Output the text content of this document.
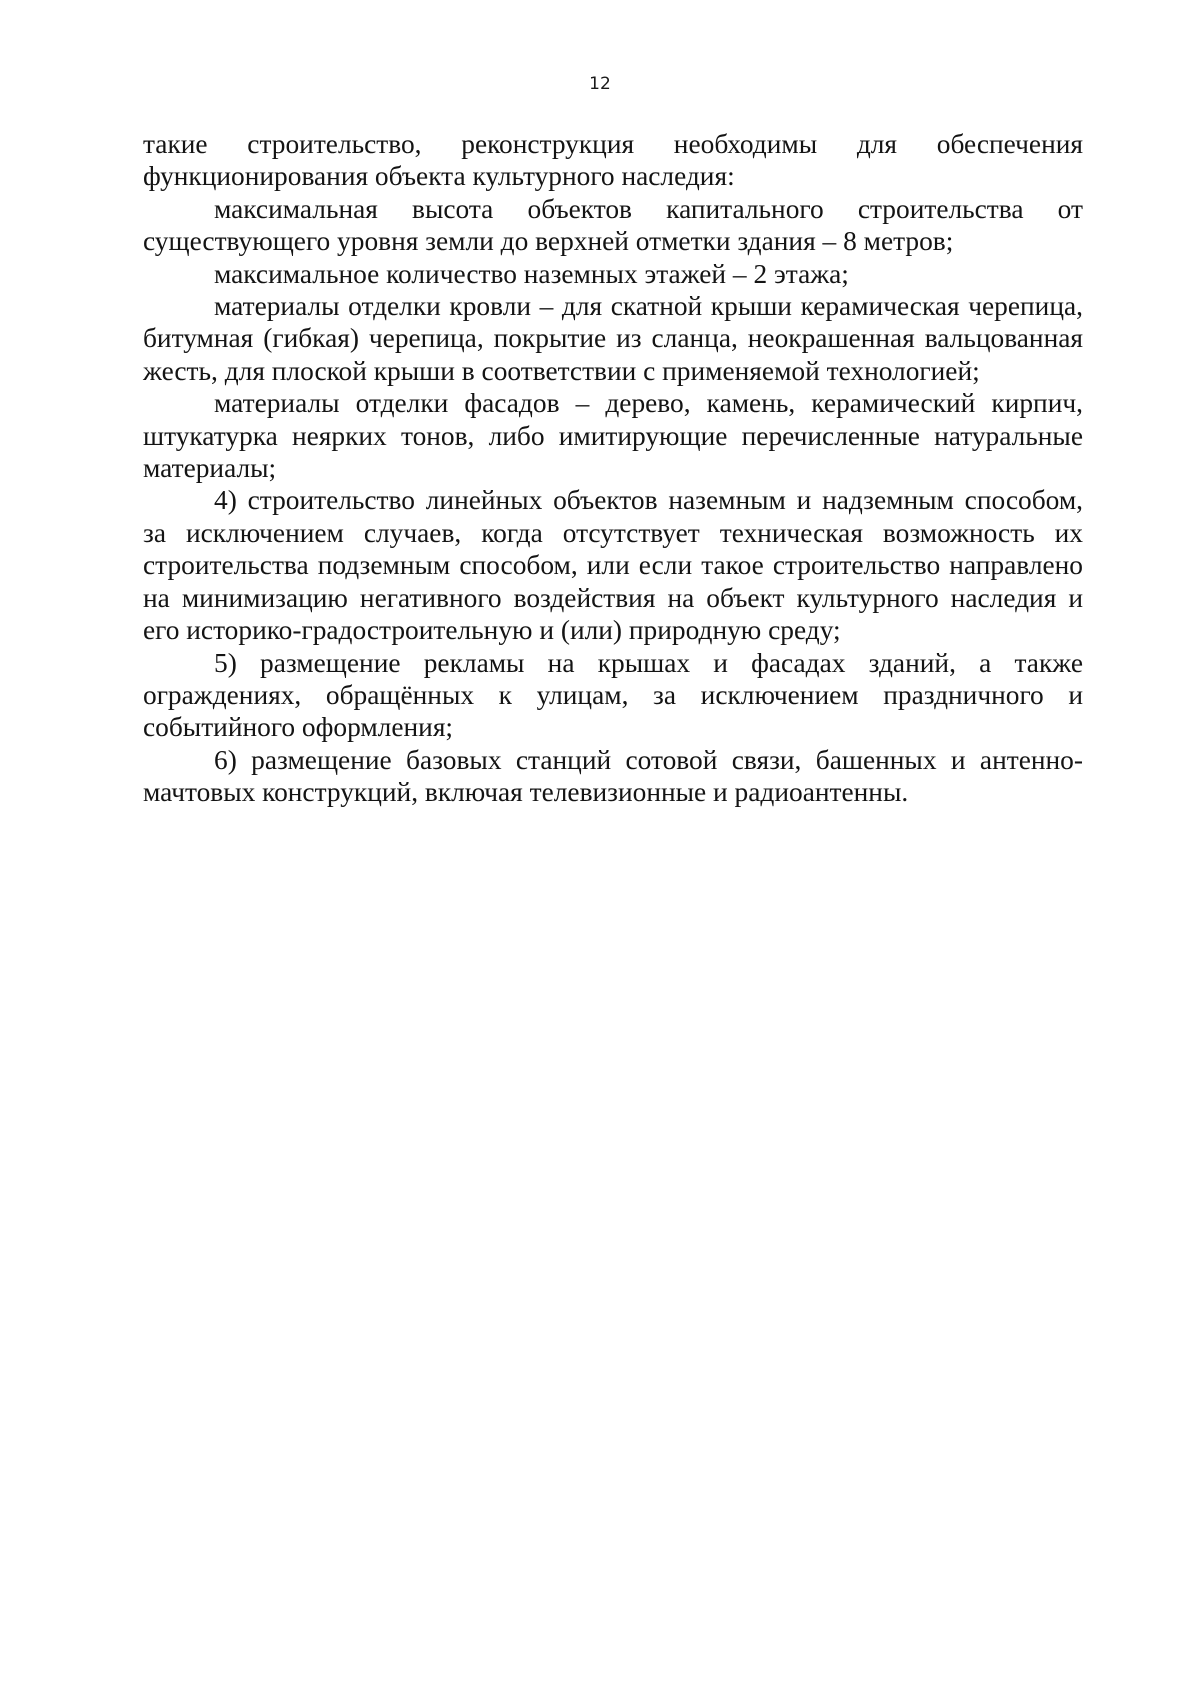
12

такие строительство, реконструкция необходимы для обеспечения функционирования объекта культурного наследия:

максимальная высота объектов капитального строительства от существующего уровня земли до верхней отметки здания – 8 метров;

максимальное количество наземных этажей – 2 этажа;

материалы отделки кровли – для скатной крыши керамическая черепица, битумная (гибкая) черепица, покрытие из сланца, неокрашенная вальцованная жесть, для плоской крыши в соответствии с применяемой технологией;

материалы отделки фасадов – дерево, камень, керамический кирпич, штукатурка неярких тонов, либо имитирующие перечисленные натуральные материалы;

4) строительство линейных объектов наземным и надземным способом, за исключением случаев, когда отсутствует техническая возможность их строительства подземным способом, или если такое строительство направлено на минимизацию негативного воздействия на объект культурного наследия и его историко-градостроительную и (или) природную среду;

5) размещение рекламы на крышах и фасадах зданий, а также ограждениях, обращённых к улицам, за исключением праздничного и событийного оформления;

6) размещение базовых станций сотовой связи, башенных и антенно-мачтовых конструкций, включая телевизионные и радиоантенны.
